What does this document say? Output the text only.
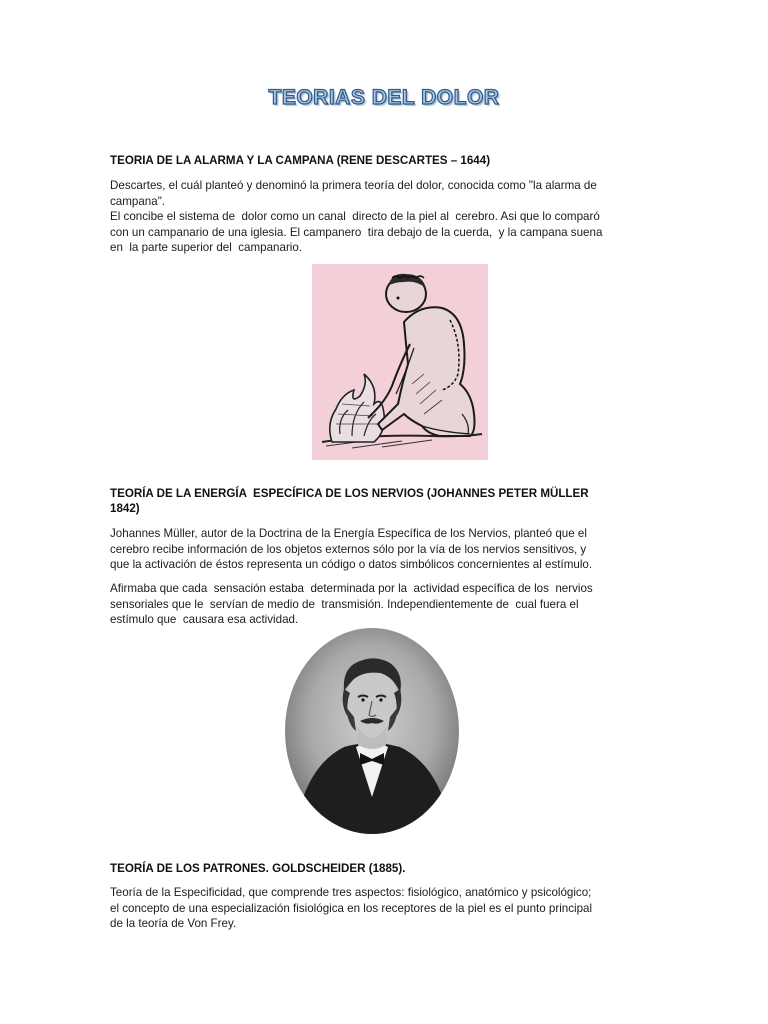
TEORIAS DEL DOLOR
TEORIA DE LA ALARMA Y LA CAMPANA (RENE DESCARTES – 1644)
Descartes, el cuál planteó y denominó la primera teoría del dolor, conocida como "la alarma de
campana".
El concibe el sistema de  dolor como un canal  directo de la piel al  cerebro. Asi que lo comparó
con un campanario de una iglesia. El campanero  tira debajo de la cuerda,  y la campana suena
en  la parte superior del  campanario.
TEORÍA DE LA ENERGÍA  ESPECÍFICA DE LOS NERVIOS (JOHANNES PETER MÜLLER
1842)
Johannes Müller, autor de la Doctrina de la Energía Específica de los Nervios, planteó que el
cerebro recibe información de los objetos externos sólo por la vía de los nervios sensitivos, y
que la activación de éstos representa un código o datos simbólicos concernientes al estímulo.
Afirmaba que cada  sensación estaba  determinada por la  actividad específica de los  nervios
sensoriales que le  servían de medio de  transmisión. Independientemente de  cual fuera el
estímulo que  causara esa actividad.
TEORÍA DE LOS PATRONES. GOLDSCHEIDER (1885).
Teoría de la Especificidad, que comprende tres aspectos: fisiológico, anatómico y psicológico;
el concepto de una especialización fisiológica en los receptores de la piel es el punto principal
de la teoría de Von Frey.
